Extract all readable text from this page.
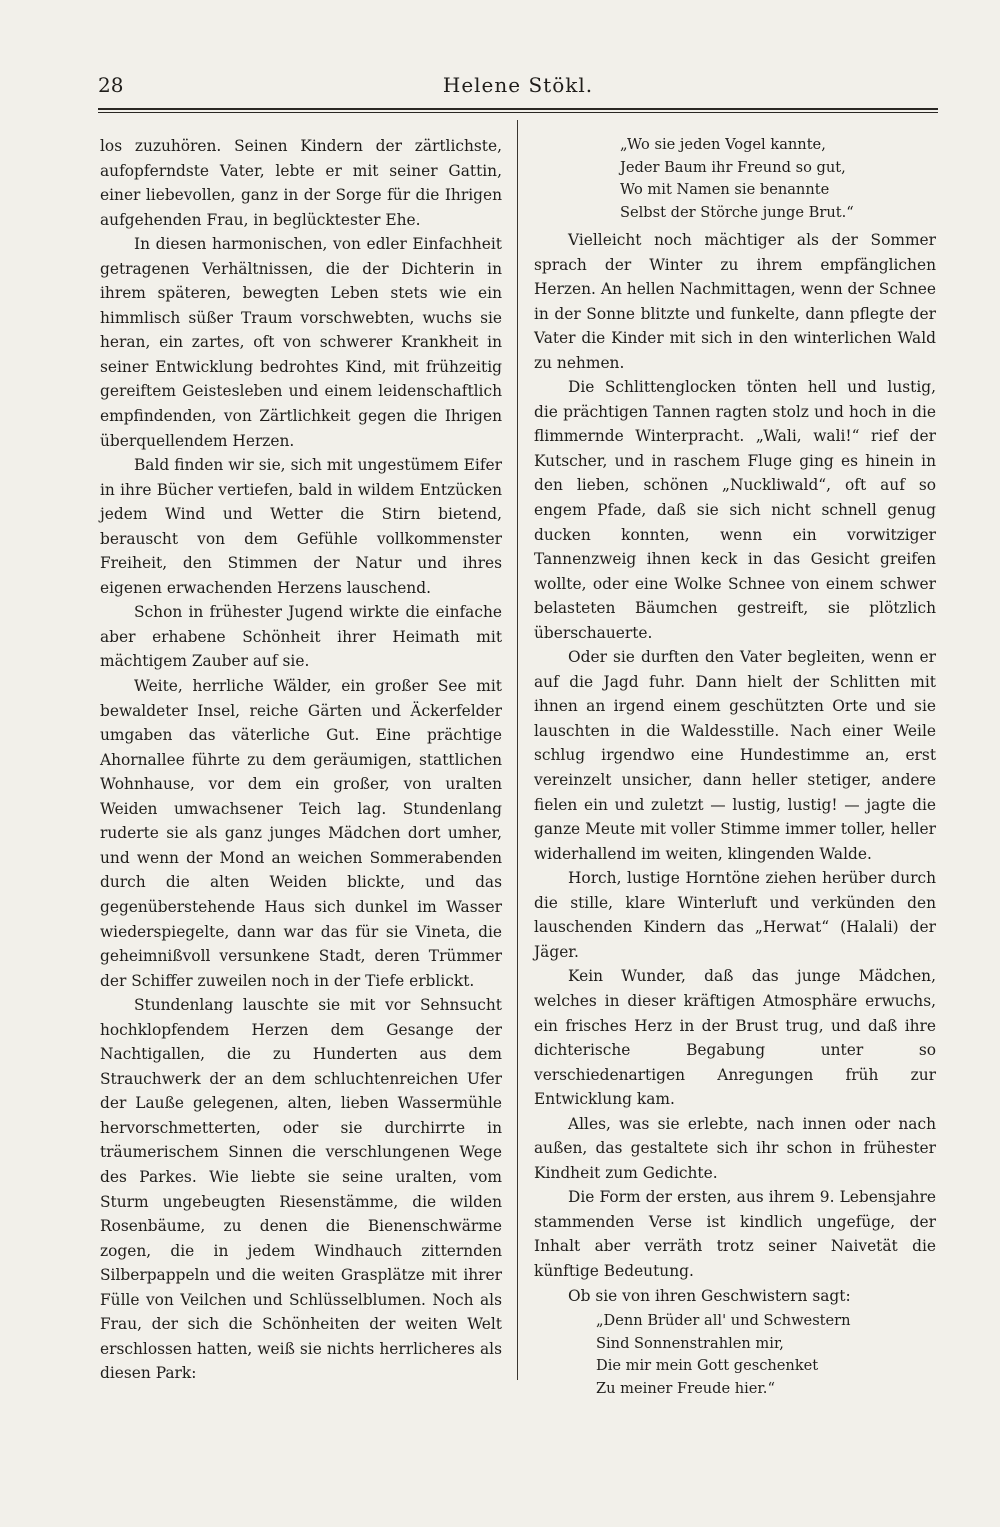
28	Helene Stökl.

los zuzuhören. Seinen Kindern der zärtlichste, aufopferndste Vater, lebte er mit seiner Gattin, einer liebevollen, ganz in der Sorge für die Ihrigen aufgehenden Frau, in beglücktester Ehe.

In diesen harmonischen, von edler Einfachheit getragenen Verhältnissen, die der Dichterin in ihrem späteren, bewegten Leben stets wie ein himmlisch süßer Traum vorschwebten, wuchs sie heran, ein zartes, oft von schwerer Krankheit in seiner Entwicklung bedrohtes Kind, mit frühzeitig gereiftem Geistesleben und einem leidenschaftlich empfindenden, von Zärtlichkeit gegen die Ihrigen überquellendem Herzen.

Bald finden wir sie, sich mit ungestümem Eifer in ihre Bücher vertiefen, bald in wildem Entzücken jedem Wind und Wetter die Stirn bietend, berauscht von dem Gefühle vollkommenster Freiheit, den Stimmen der Natur und ihres eigenen erwachenden Herzens lauschend.

Schon in frühester Jugend wirkte die einfache aber erhabene Schönheit ihrer Heimath mit mächtigem Zauber auf sie.

Weite, herrliche Wälder, ein großer See mit bewaldeter Insel, reiche Gärten und Äckerfelder umgaben das väterliche Gut. Eine prächtige Ahornallee führte zu dem geräumigen, stattlichen Wohnhause, vor dem ein großer, von uralten Weiden umwachsener Teich lag. Stundenlang ruderte sie als ganz junges Mädchen dort umher, und wenn der Mond an weichen Sommerabenden durch die alten Weiden blickte, und das gegenüberstehende Haus sich dunkel im Wasser wiederspiegelte, dann war das für sie Vineta, die geheimnißvoll versunkene Stadt, deren Trümmer der Schiffer zuweilen noch in der Tiefe erblickt.

Stundenlang lauschte sie mit vor Sehnsucht hochklopfendem Herzen dem Gesange der Nachtigallen, die zu Hunderten aus dem Strauchwerk der an dem schluchtenreichen Ufer der Lauße gelegenen, alten, lieben Wassermühle hervorschmetterten, oder sie durchirrte in träumerischem Sinnen die verschlungenen Wege des Parkes. Wie liebte sie seine uralten, vom Sturm ungebeugten Riesenstämme, die wilden Rosenbäume, zu denen die Bienenschwärme zogen, die in jedem Windhauch zitternden Silberpappeln und die weiten Grasplätze mit ihrer Fülle von Veilchen und Schlüsselblumen. Noch als Frau, der sich die Schönheiten der weiten Welt erschlossen hatten, weiß sie nichts herrlicheres als diesen Park:

„Wo sie jeden Vogel kannte,
Jeder Baum ihr Freund so gut,
Wo mit Namen sie benannte
Selbst der Störche junge Brut.“

Vielleicht noch mächtiger als der Sommer sprach der Winter zu ihrem empfänglichen Herzen. An hellen Nachmittagen, wenn der Schnee in der Sonne blitzte und funkelte, dann pflegte der Vater die Kinder mit sich in den winterlichen Wald zu nehmen.

Die Schlittenglocken tönten hell und lustig, die prächtigen Tannen ragten stolz und hoch in die flimmernde Winterpracht. „Wali, wali!“ rief der Kutscher, und in raschem Fluge ging es hinein in den lieben, schönen „Nuckliwald“, oft auf so engem Pfade, daß sie sich nicht schnell genug ducken konnten, wenn ein vorwitziger Tannenzweig ihnen keck in das Gesicht greifen wollte, oder eine Wolke Schnee von einem schwer belasteten Bäumchen gestreift, sie plötzlich überschauerte.

Oder sie durften den Vater begleiten, wenn er auf die Jagd fuhr. Dann hielt der Schlitten mit ihnen an irgend einem geschützten Orte und sie lauschten in die Waldesstille. Nach einer Weile schlug irgendwo eine Hundestimme an, erst vereinzelt unsicher, dann heller stetiger, andere fielen ein und zuletzt — lustig, lustig! — jagte die ganze Meute mit voller Stimme immer toller, heller widerhallend im weiten, klingenden Walde.

Horch, lustige Horntöne ziehen herüber durch die stille, klare Winterluft und verkünden den lauschenden Kindern das „Herwat“ (Halali) der Jäger.

Kein Wunder, daß das junge Mädchen, welches in dieser kräftigen Atmosphäre erwuchs, ein frisches Herz in der Brust trug, und daß ihre dichterische Begabung unter so verschiedenartigen Anregungen früh zur Entwicklung kam.

Alles, was sie erlebte, nach innen oder nach außen, das gestaltete sich ihr schon in frühester Kindheit zum Gedichte.

Die Form der ersten, aus ihrem 9. Lebensjahre stammenden Verse ist kindlich ungefüge, der Inhalt aber verräth trotz seiner Naivetät die künftige Bedeutung.

Ob sie von ihren Geschwistern sagt:

„Denn Brüder all' und Schwestern
Sind Sonnenstrahlen mir,
Die mir mein Gott geschenket
Zu meiner Freude hier.“
